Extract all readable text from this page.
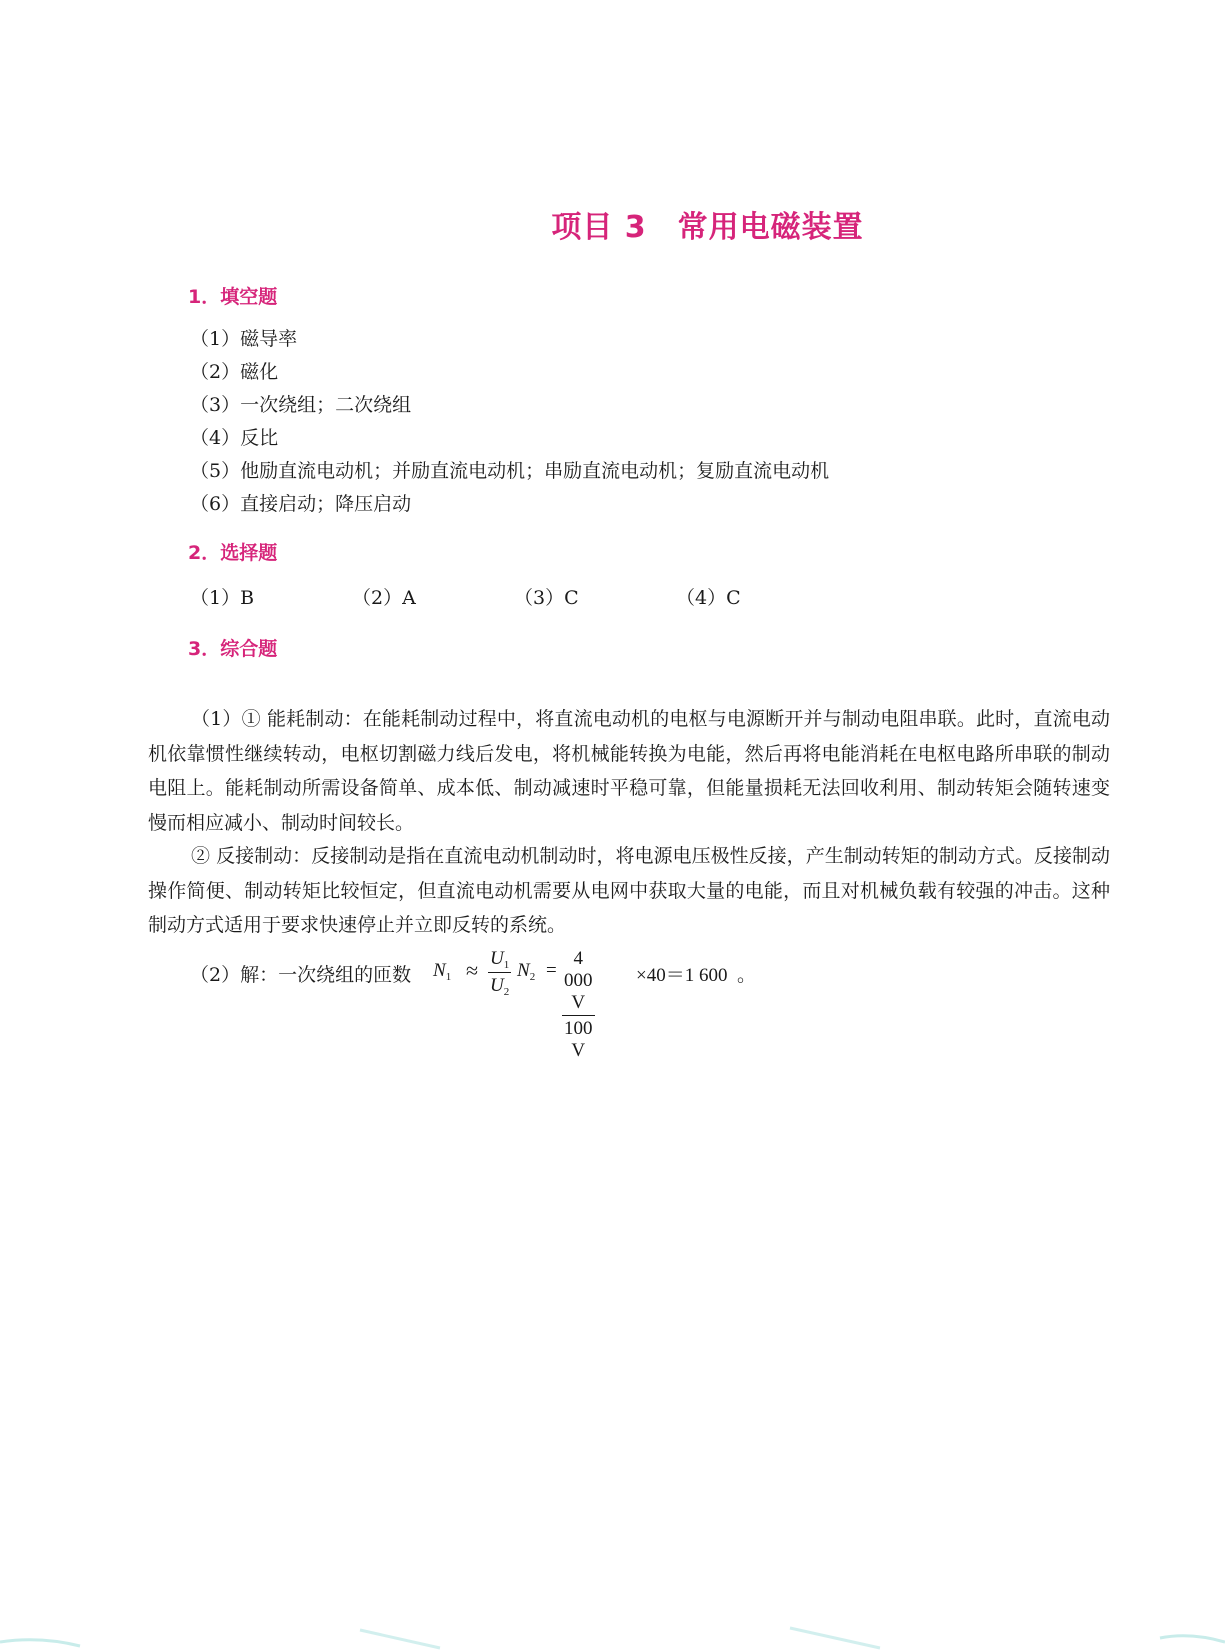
项目 3　常用电磁装置
1．填空题
（1）磁导率
（2）磁化
（3）一次绕组；二次绕组
（4）反比
（5）他励直流电动机；并励直流电动机；串励直流电动机；复励直流电动机
（6）直接启动；降压启动
2．选择题
（1）B	（2）A	（3）C	（4）C
3．综合题

（1）① 能耗制动：在能耗制动过程中，将直流电动机的电枢与电源断开并与制动电阻串联。此时，直流电动机依靠惯性继续转动，电枢切割磁力线后发电，将机械能转换为电能，然后再将电能消耗在电枢电路所串联的制动电阻上。能耗制动所需设备简单、成本低、制动减速时平稳可靠，但能量损耗无法回收利用、制动转矩会随转速变慢而相应减小、制动时间较长。

② 反接制动：反接制动是指在直流电动机制动时，将电源电压极性反接，产生制动转矩的制动方式。反接制动操作简便、制动转矩比较恒定，但直流电动机需要从电网中获取大量的电能，而且对机械负载有较强的冲击。这种制动方式适用于要求快速停止并立即反转的系统。

（2）解：一次绕组的匝数 $N_1 \approx \frac{U_1}{U_2} N_2 = \frac{4 000 V}{100 V} \times 40=1$ 600 。
